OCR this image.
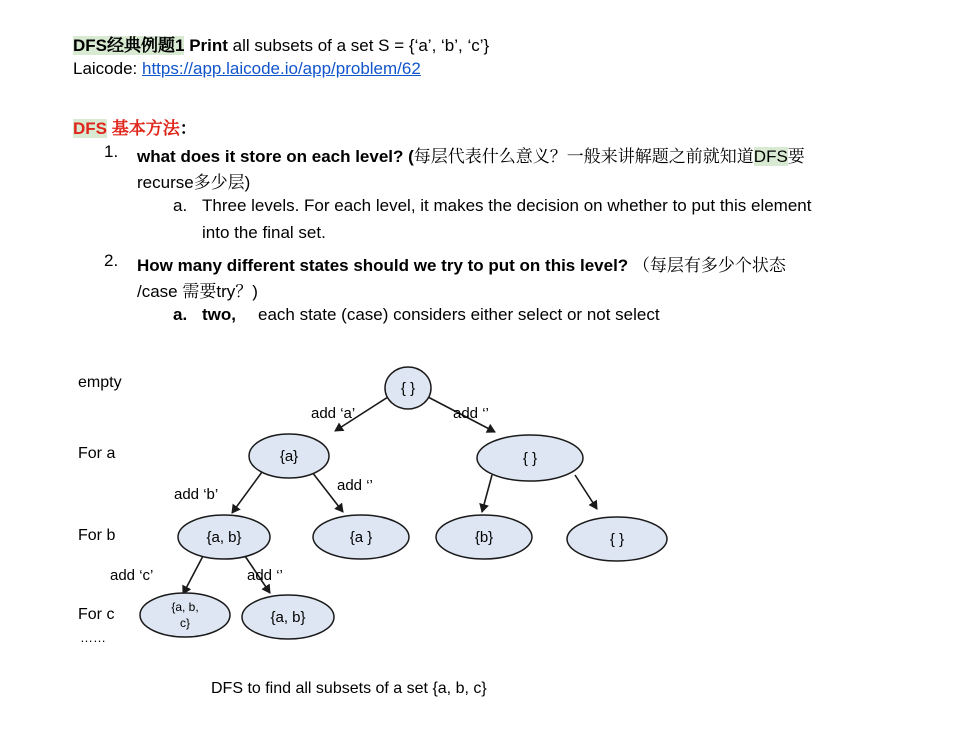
DFS经典例题1 Print all subsets of a set S = {‘a’, ‘b’, ‘c’}
Laicode: https://app.laicode.io/app/problem/62
DFS 基本方法：
1. what does it store on each level? (每层代表什么意义？一般来讲解题之前就知道DFS要
recurse多少层)
a. Three levels. For each level, it makes the decision on whether to put this element
into the final set.
2. How many different states should we try to put on this level? （每层有多少个状态
/case 需要try？)
a. two, each state (case) considers either select or not select
empty
For a
For b
For c
……
add ‘a’	add ‘’
add ‘b’
add ‘’
add ‘c’	add ‘’
{ }
{a}	{ }
{a, b}	{a }	{b}	{ }
{a, b,
c}	{a, b}
DFS to find all subsets of a set {a, b, c}
